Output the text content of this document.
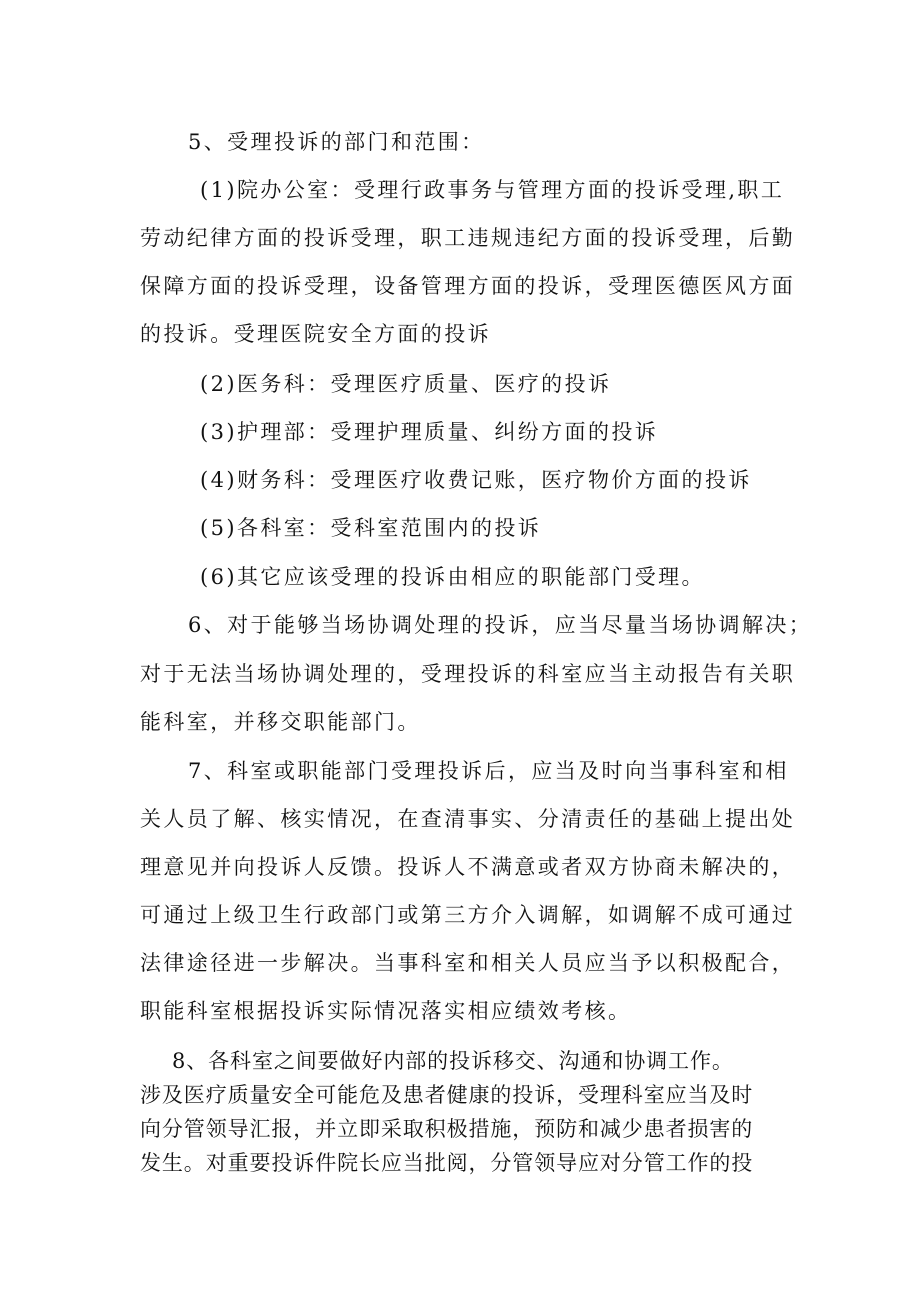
5、受理投诉的部门和范围：
(1)院办公室：受理行政事务与管理方面的投诉受理,职工
劳动纪律方面的投诉受理，职工违规违纪方面的投诉受理，后勤
保障方面的投诉受理，设备管理方面的投诉，受理医德医风方面
的投诉。受理医院安全方面的投诉
(2)医务科：受理医疗质量、医疗的投诉
(3)护理部：受理护理质量、纠纷方面的投诉
(4)财务科：受理医疗收费记账，医疗物价方面的投诉
(5)各科室：受科室范围内的投诉
(6)其它应该受理的投诉由相应的职能部门受理。
6、对于能够当场协调处理的投诉，应当尽量当场协调解决；
对于无法当场协调处理的，受理投诉的科室应当主动报告有关职
能科室，并移交职能部门。
7、科室或职能部门受理投诉后，应当及时向当事科室和相
关人员了解、核实情况，在查清事实、分清责任的基础上提出处
理意见并向投诉人反馈。投诉人不满意或者双方协商未解决的，
可通过上级卫生行政部门或第三方介入调解，如调解不成可通过
法律途径进一步解决。当事科室和相关人员应当予以积极配合，
职能科室根据投诉实际情况落实相应绩效考核。
8、各科室之间要做好内部的投诉移交、沟通和协调工作。
涉及医疗质量安全可能危及患者健康的投诉，受理科室应当及时
向分管领导汇报，并立即采取积极措施，预防和减少患者损害的
发生。对重要投诉件院长应当批阅，分管领导应对分管工作的投
